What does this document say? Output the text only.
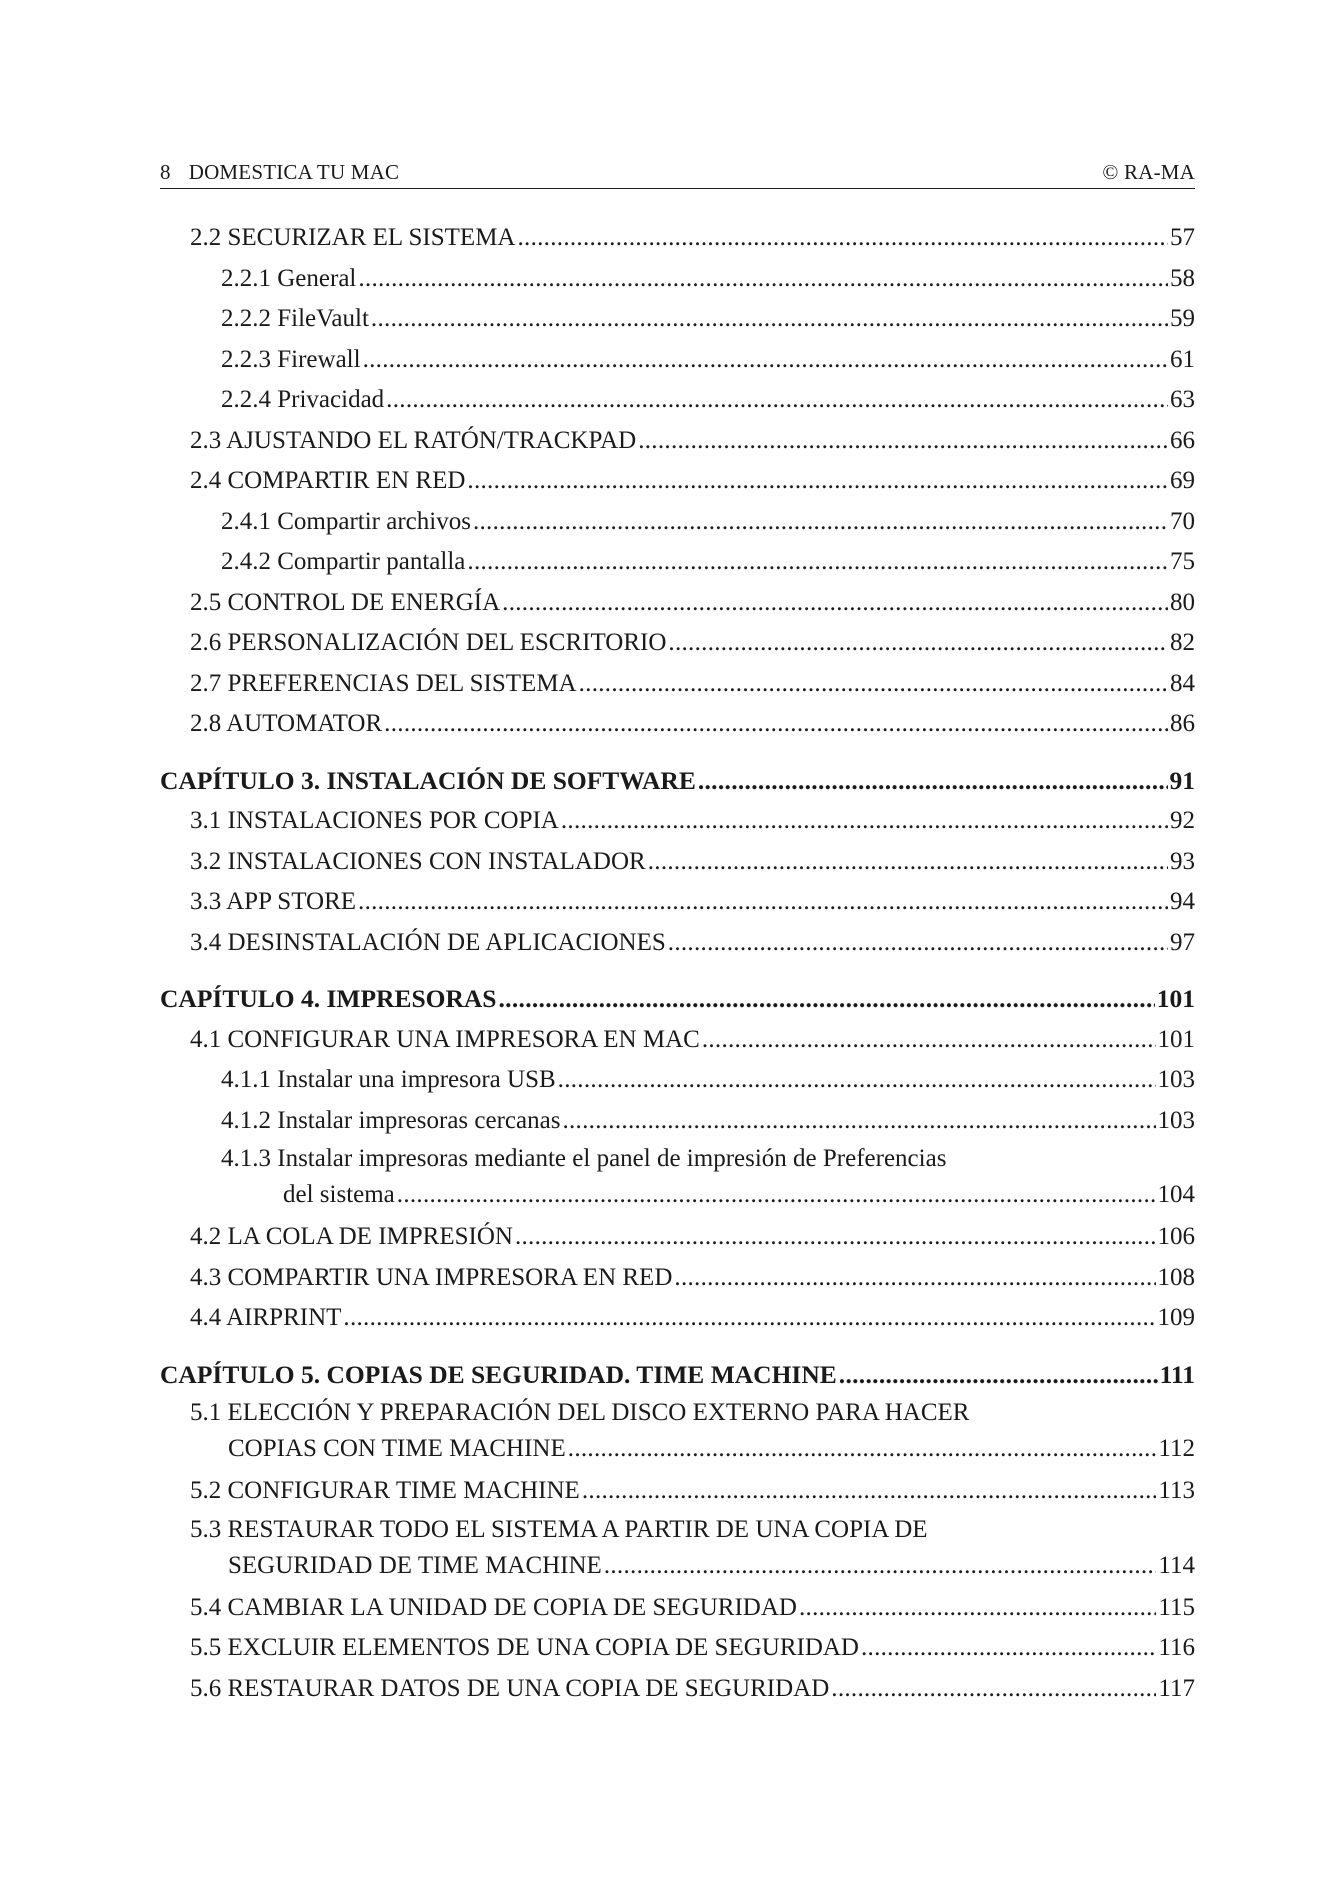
8 DOMESTICA TU MAC	© RA-MA
2.2 SECURIZAR EL SISTEMA .....	57
2.2.1 General .....	58
2.2.2 FileVault .....	59
2.2.3 Firewall .....	61
2.2.4 Privacidad .....	63
2.3 AJUSTANDO EL RATÓN/TRACKPAD .....	66
2.4 COMPARTIR EN RED .....	69
2.4.1 Compartir archivos .....	70
2.4.2 Compartir pantalla .....	75
2.5 CONTROL DE ENERGÍA .....	80
2.6 PERSONALIZACIÓN DEL ESCRITORIO .....	82
2.7 PREFERENCIAS DEL SISTEMA .....	84
2.8 AUTOMATOR .....	86
CAPÍTULO 3. INSTALACIÓN DE SOFTWARE .....	91
3.1 INSTALACIONES POR COPIA .....	92
3.2 INSTALACIONES CON INSTALADOR .....	93
3.3 APP STORE .....	94
3.4 DESINSTALACIÓN DE APLICACIONES .....	97
CAPÍTULO 4. IMPRESORAS .....	101
4.1 CONFIGURAR UNA IMPRESORA EN MAC .....	101
4.1.1 Instalar una impresora USB .....	103
4.1.2 Instalar impresoras cercanas .....	103
4.1.3 Instalar impresoras mediante el panel de impresión de Preferencias
del sistema .....	104
4.2 LA COLA DE IMPRESIÓN .....	106
4.3 COMPARTIR UNA IMPRESORA EN RED .....	108
4.4 AIRPRINT .....	109
CAPÍTULO 5. COPIAS DE SEGURIDAD. TIME MACHINE .....	111
5.1 ELECCIÓN Y PREPARACIÓN DEL DISCO EXTERNO PARA HACER
COPIAS CON TIME MACHINE .....	112
5.2 CONFIGURAR TIME MACHINE .....	113
5.3 RESTAURAR TODO EL SISTEMA A PARTIR DE UNA COPIA DE
SEGURIDAD DE TIME MACHINE .....	114
5.4 CAMBIAR LA UNIDAD DE COPIA DE SEGURIDAD .....	115
5.5 EXCLUIR ELEMENTOS DE UNA COPIA DE SEGURIDAD .....	116
5.6 RESTAURAR DATOS DE UNA COPIA DE SEGURIDAD .....	117
